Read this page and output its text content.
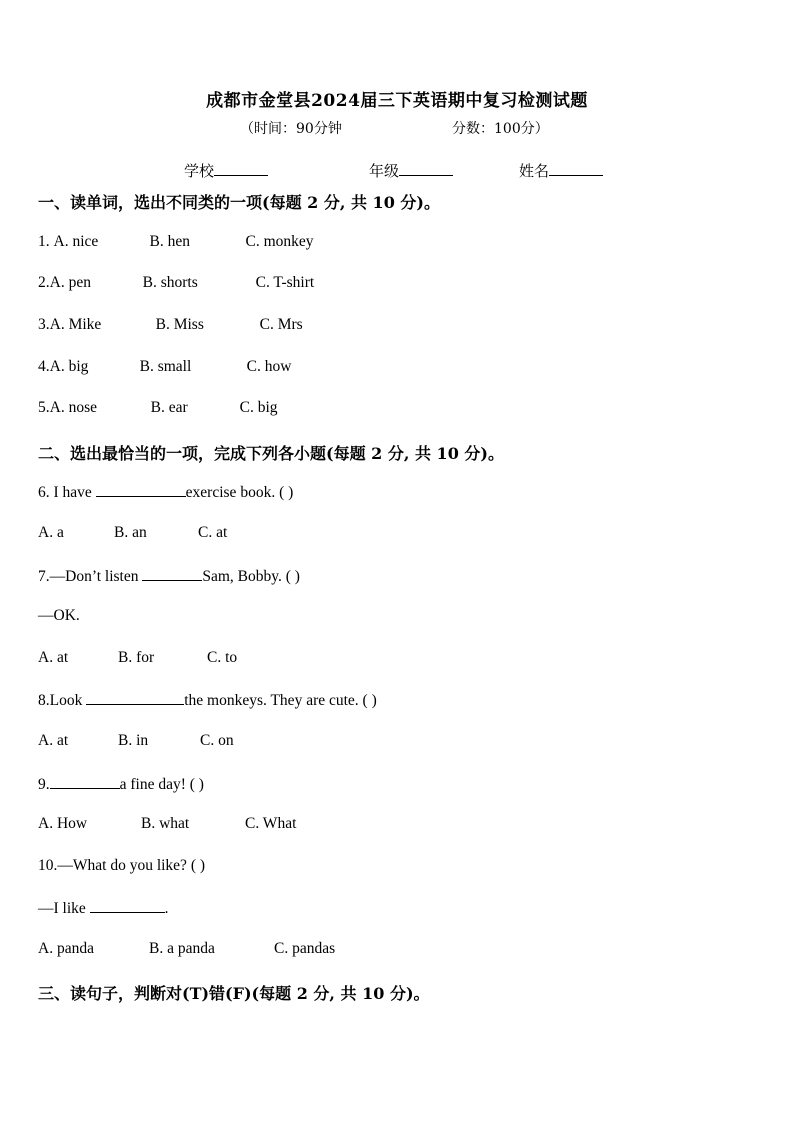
成都市金堂县2024届三下英语期中复习检测试题
（时间：90分钟	分数：100分）
学校	年级	姓名
一、读单词，选出不同类的一项(每题 2 分, 共 10 分)。
1. A. nice	B. hen	C. monkey
2.A. pen	B. shorts	C. T-shirt
3.A. Mike	B. Miss	C. Mrs
4.A. big	B. small	C. how
5.A. nose	B. ear	C. big
二、选出最恰当的一项，完成下列各小题(每题 2 分, 共 10 分)。
6. I have	exercise book. ( )
A. a	B. an	C. at
7.—Don’t listen	Sam, Bobby. ( )
—OK.
A. at	B. for	C. to
8.Look	the monkeys. They are cute. ( )
A. at	B. in	C. on
9.	a fine day! ( )
A. How	B. what	C. What
10.—What do you like? ( )
—I like	.
A. panda	B. a panda	C. pandas
三、读句子，判断对(T)错(F)(每题 2 分, 共 10 分)。
